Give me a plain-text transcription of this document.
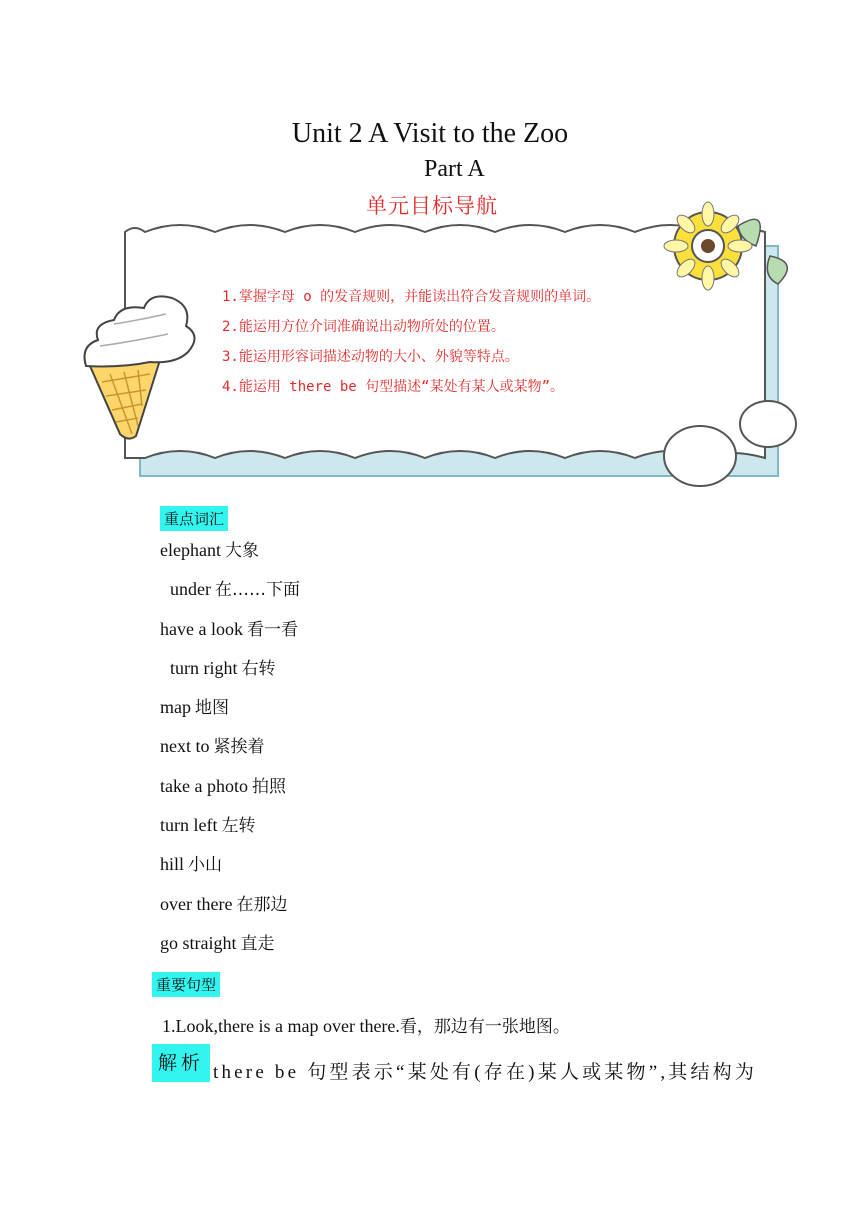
Unit 2 A Visit to the Zoo
Part A
单元目标导航
1.掌握字母 o 的发音规则，并能读出符合发音规则的单词。
2.能运用方位介词准确说出动物所处的位置。
3.能运用形容词描述动物的大小、外貌等特点。
4.能运用 there be 句型描述“某处有某人或某物”。
重点词汇
elephant 大象
under 在……下面
have a look 看一看
turn right 右转
map 地图
next to 紧挨着
take a photo 拍照
turn left 左转
hill 小山
over there 在那边
go straight 直走
重要句型
1.Look,there is a map over there.看，那边有一张地图。
解析 there be 句型表示“某处有(存在)某人或某物”,其结构为
